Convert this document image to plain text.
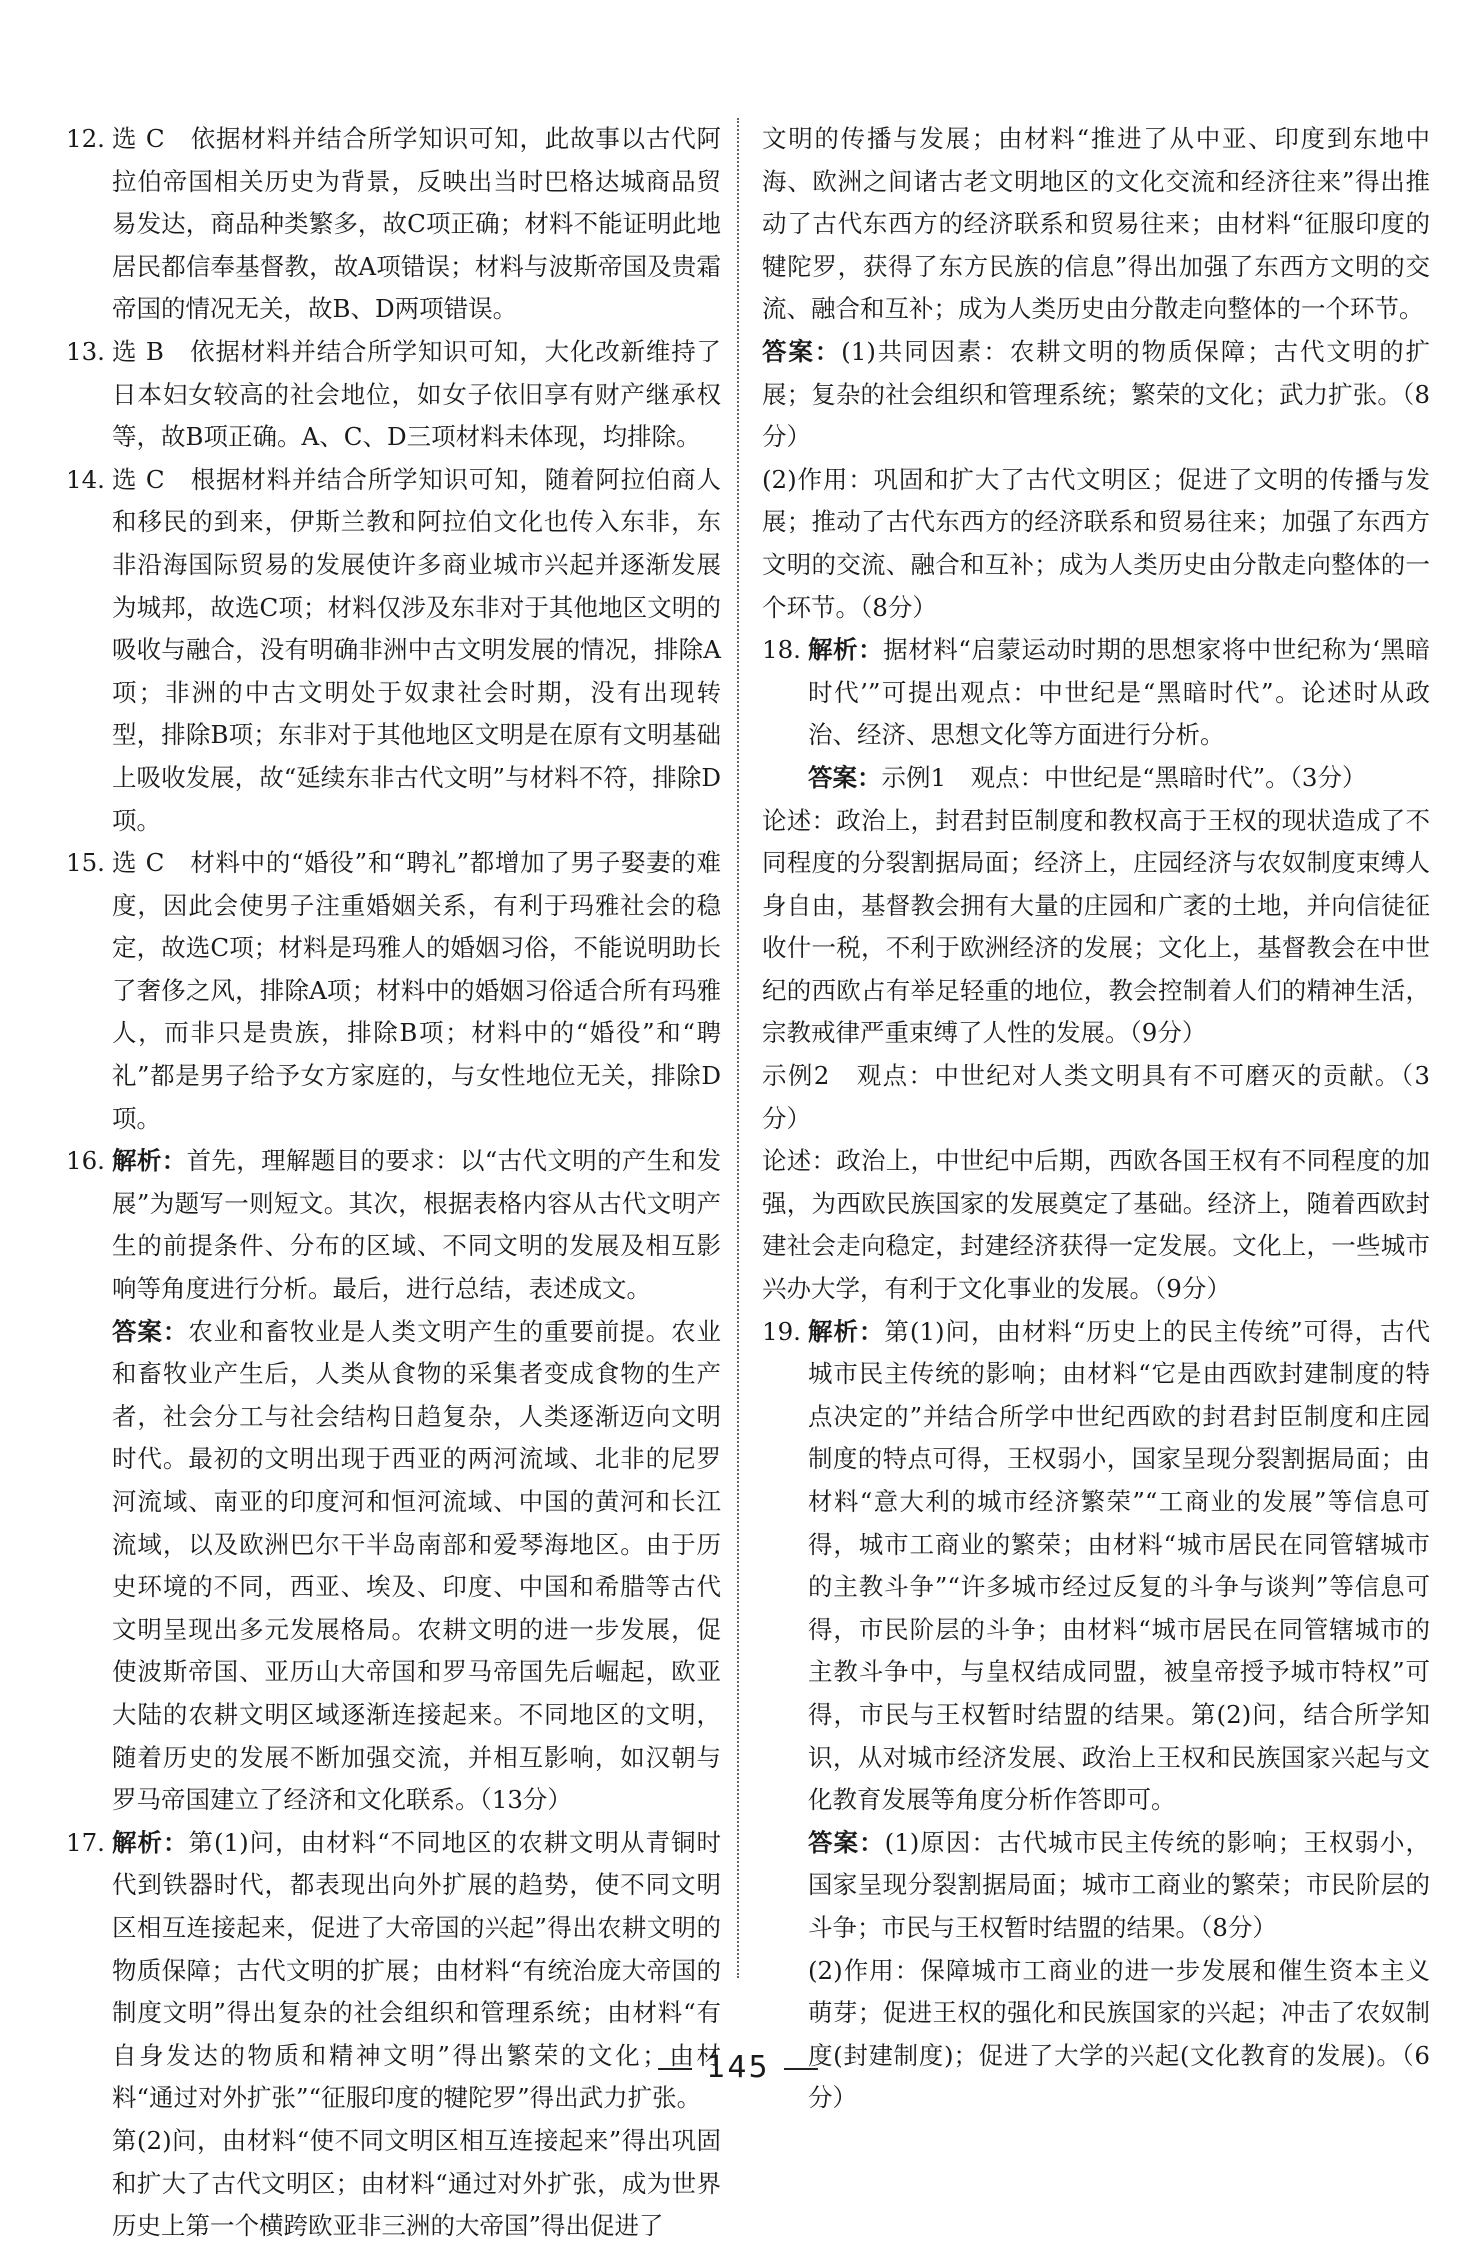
12. 选 C　 依据材料并结合所学知识可知，此故事以古代阿拉伯帝国相关历史为背景，反映出当时巴格达城商品贸易发达，商品种类繁多，故C项正确；材料不能证明此地居民都信奉基督教，故A项错误；材料与波斯帝国及贵霜帝国的情况无关，故B、D两项错误。

13. 选 B　 依据材料并结合所学知识可知，大化改新维持了日本妇女较高的社会地位，如女子依旧享有财产继承权等，故B项正确。A、C、D三项材料未体现，均排除。

14. 选 C　 根据材料并结合所学知识可知，随着阿拉伯商人和移民的到来，伊斯兰教和阿拉伯文化也传入东非，东非沿海国际贸易的发展使许多商业城市兴起并逐渐发展为城邦，故选C项；材料仅涉及东非对于其他地区文明的吸收与融合，没有明确非洲中古文明发展的情况，排除A项；非洲的中古文明处于奴隶社会时期，没有出现转型，排除B项；东非对于其他地区文明是在原有文明基础上吸收发展，故“延续东非古代文明”与材料不符，排除D项。

15. 选 C　 材料中的“婚役”和“聘礼”都增加了男子娶妻的难度，因此会使男子注重婚姻关系，有利于玛雅社会的稳定，故选C项；材料是玛雅人的婚姻习俗，不能说明助长了奢侈之风，排除A项；材料中的婚姻习俗适合所有玛雅人，而非只是贵族，排除B项；材料中的“婚役”和“聘礼”都是男子给予女方家庭的，与女性地位无关，排除D项。

16. 解析：首先，理解题目的要求：以“古代文明的产生和发展”为题写一则短文。其次，根据表格内容从古代文明产生的前提条件、分布的区域、不同文明的发展及相互影响等角度进行分析。最后，进行总结，表述成文。

答案：农业和畜牧业是人类文明产生的重要前提。农业和畜牧业产生后，人类从食物的采集者变成食物的生产者，社会分工与社会结构日趋复杂，人类逐渐迈向文明时代。最初的文明出现于西亚的两河流域、北非的尼罗河流域、南亚的印度河和恒河流域、中国的黄河和长江流域，以及欧洲巴尔干半岛南部和爱琴海地区。由于历史环境的不同，西亚、埃及、印度、中国和希腊等古代文明呈现出多元发展格局。农耕文明的进一步发展，促使波斯帝国、亚历山大帝国和罗马帝国先后崛起，欧亚大陆的农耕文明区域逐渐连接起来。不同地区的文明，随着历史的发展不断加强交流，并相互影响，如汉朝与罗马帝国建立了经济和文化联系。（13分）

17. 解析：第(1)问，由材料“不同地区的农耕文明从青铜时代到铁器时代，都表现出向外扩展的趋势，使不同文明区相互连接起来，促进了大帝国的兴起”得出农耕文明的物质保障；古代文明的扩展；由材料“有统治庞大帝国的制度文明”得出复杂的社会组织和管理系统；由材料“有自身发达的物质和精神文明”得出繁荣的文化；由材料“通过对外扩张”“征服印度的犍陀罗”得出武力扩张。

第(2)问，由材料“使不同文明区相互连接起来”得出巩固和扩大了古代文明区；由材料“通过对外扩张，成为世界历史上第一个横跨欧亚非三洲的大帝国”得出促进了

文明的传播与发展；由材料“推进了从中亚、印度到东地中海、欧洲之间诸古老文明地区的文化交流和经济往来”得出推动了古代东西方的经济联系和贸易往来；由材料“征服印度的犍陀罗，获得了东方民族的信息”得出加强了东西方文明的交流、融合和互补；成为人类历史由分散走向整体的一个环节。

答案：(1)共同因素：农耕文明的物质保障；古代文明的扩展；复杂的社会组织和管理系统；繁荣的文化；武力扩张。（8分）

(2)作用：巩固和扩大了古代文明区；促进了文明的传播与发展；推动了古代东西方的经济联系和贸易往来；加强了东西方文明的交流、融合和互补；成为人类历史由分散走向整体的一个环节。（8分）

18. 解析：据材料“启蒙运动时期的思想家将中世纪称为‘黑暗时代’”可提出观点：中世纪是“黑暗时代”。论述时从政治、经济、思想文化等方面进行分析。

答案：示例1　观点：中世纪是“黑暗时代”。（3分）

论述：政治上，封君封臣制度和教权高于王权的现状造成了不同程度的分裂割据局面；经济上，庄园经济与农奴制度束缚人身自由，基督教会拥有大量的庄园和广袤的土地，并向信徒征收什一税，不利于欧洲经济的发展；文化上，基督教会在中世纪的西欧占有举足轻重的地位，教会控制着人们的精神生活，宗教戒律严重束缚了人性的发展。（9分）

示例2　观点：中世纪对人类文明具有不可磨灭的贡献。（3分）

论述：政治上，中世纪中后期，西欧各国王权有不同程度的加强，为西欧民族国家的发展奠定了基础。经济上，随着西欧封建社会走向稳定，封建经济获得一定发展。文化上，一些城市兴办大学，有利于文化事业的发展。（9分）

19. 解析：第(1)问，由材料“历史上的民主传统”可得，古代城市民主传统的影响；由材料“它是由西欧封建制度的特点决定的”并结合所学中世纪西欧的封君封臣制度和庄园制度的特点可得，王权弱小，国家呈现分裂割据局面；由材料“意大利的城市经济繁荣”“工商业的发展”等信息可得，城市工商业的繁荣；由材料“城市居民在同管辖城市的主教斗争”“许多城市经过反复的斗争与谈判”等信息可得，市民阶层的斗争；由材料“城市居民在同管辖城市的主教斗争中，与皇权结成同盟，被皇帝授予城市特权”可得，市民与王权暂时结盟的结果。第(2)问，结合所学知识，从对城市经济发展、政治上王权和民族国家兴起与文化教育发展等角度分析作答即可。

答案：(1)原因：古代城市民主传统的影响；王权弱小，国家呈现分裂割据局面；城市工商业的繁荣；市民阶层的斗争；市民与王权暂时结盟的结果。（8分）

(2)作用：保障城市工商业的进一步发展和催生资本主义萌芽；促进王权的强化和民族国家的兴起；冲击了农奴制度(封建制度)；促进了大学的兴起(文化教育的发展)。（6分）

145
